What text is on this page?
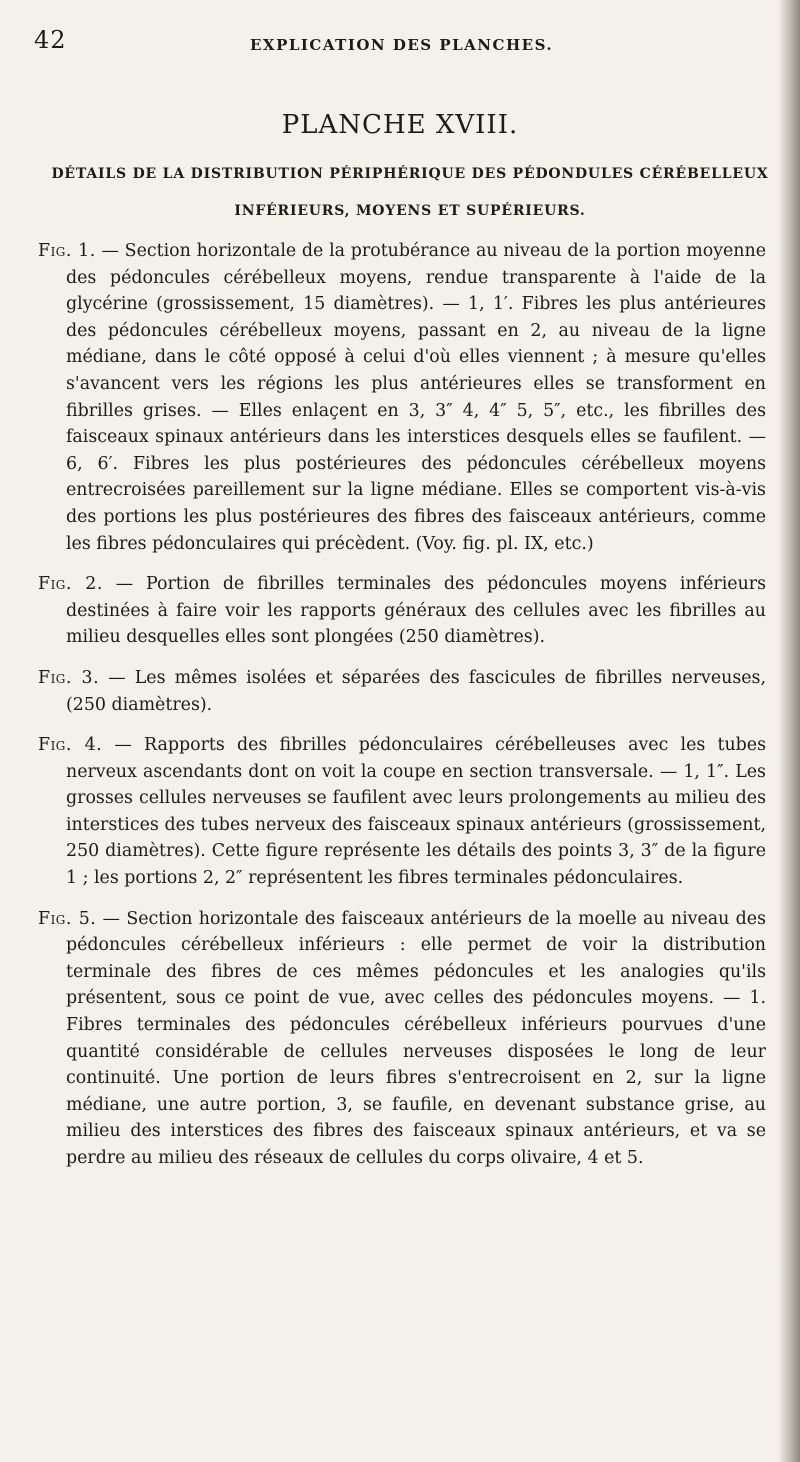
42	EXPLICATION DES PLANCHES.
PLANCHE XVIII.
DÉTAILS DE LA DISTRIBUTION PÉRIPHÉRIQUE DES PÉDONDULES CÉRÉBELLEUX
INFÉRIEURS, MOYENS ET SUPÉRIEURS.

Fig. 1. — Section horizontale de la protubérance au niveau de la portion moyenne des pédoncules cérébelleux moyens, rendue transparente à l'aide de la glycérine (grossissement, 15 diamètres). — 1, 1′. Fibres les plus antérieures des pédoncules cérébelleux moyens, passant en 2, au niveau de la ligne médiane, dans le côté opposé à celui d'où elles viennent ; à mesure qu'elles s'avancent vers les régions les plus antérieures elles se transforment en fibrilles grises. — Elles enlaçent en 3, 3″ 4, 4″ 5, 5″, etc., les fibrilles des faisceaux spinaux antérieurs dans les interstices desquels elles se faufilent. — 6, 6′. Fibres les plus postérieures des pédoncules cérébelleux moyens entrecroisées pareillement sur la ligne médiane. Elles se comportent vis-à-vis des portions les plus postérieures des fibres des faisceaux antérieurs, comme les fibres pédonculaires qui précèdent. (Voy. fig. pl. IX, etc.)

Fig. 2. — Portion de fibrilles terminales des pédoncules moyens inférieurs destinées à faire voir les rapports généraux des cellules avec les fibrilles au milieu desquelles elles sont plongées (250 diamètres).

Fig. 3. — Les mêmes isolées et séparées des fascicules de fibrilles nerveuses, (250 diamètres).

Fig. 4. — Rapports des fibrilles pédonculaires cérébelleuses avec les tubes nerveux ascendants dont on voit la coupe en section transversale. — 1, 1″. Les grosses cellules nerveuses se faufilent avec leurs prolongements au milieu des interstices des tubes nerveux des faisceaux spinaux antérieurs (grossissement, 250 diamètres). Cette figure représente les détails des points 3, 3″ de la figure 1 ; les portions 2, 2″ représentent les fibres terminales pédonculaires.

Fig. 5. — Section horizontale des faisceaux antérieurs de la moelle au niveau des pédoncules cérébelleux inférieurs : elle permet de voir la distribution terminale des fibres de ces mêmes pédoncules et les analogies qu'ils présentent, sous ce point de vue, avec celles des pédoncules moyens. — 1. Fibres terminales des pédoncules cérébelleux inférieurs pourvues d'une quantité considérable de cellules nerveuses disposées le long de leur continuité. Une portion de leurs fibres s'entrecroisent en 2, sur la ligne médiane, une autre portion, 3, se faufile, en devenant substance grise, au milieu des interstices des fibres des faisceaux spinaux antérieurs, et va se perdre au milieu des réseaux de cellules du corps olivaire, 4 et 5.
